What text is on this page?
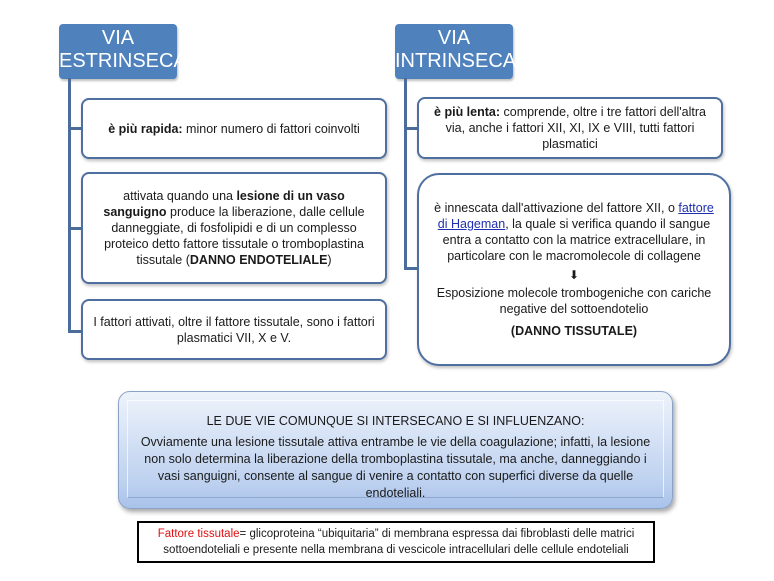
VIA
ESTRINSECA
è più rapida: minor numero di fattori coinvolti
attivata quando una lesione di un vaso sanguigno produce la liberazione, dalle cellule danneggiate, di fosfolipidi e di un complesso proteico detto fattore tissutale o tromboplastina tissutale (DANNO ENDOTELIALE)
I fattori attivati, oltre il fattore tissutale, sono i fattori plasmatici VII, X e V.
VIA
INTRINSECA
è più lenta: comprende, oltre i tre fattori dell'altra via, anche i fattori XII, XI, IX e VIII, tutti fattori plasmatici
è innescata dall'attivazione del fattore XII, o fattore di Hageman, la quale si verifica quando il sangue entra a contatto con la matrice extracellulare, in particolare con le macromolecole di collagene
⬇
Esposizione molecole trombogeniche con cariche negative del sottoendotelio
(DANNO TISSUTALE)
LE DUE VIE COMUNQUE SI INTERSECANO E SI INFLUENZANO:
Ovviamente una lesione tissutale attiva entrambe le vie della coagulazione; infatti, la lesione non solo determina la liberazione della tromboplastina tissutale, ma anche, danneggiando i vasi sanguigni, consente al sangue di venire a contatto con superfici diverse da quelle endoteliali.
Fattore tissutale= glicoproteina “ubiquitaria” di membrana espressa dai fibroblasti delle matrici sottoendoteliali e presente nella membrana di vescicole intracellulari delle cellule endoteliali
